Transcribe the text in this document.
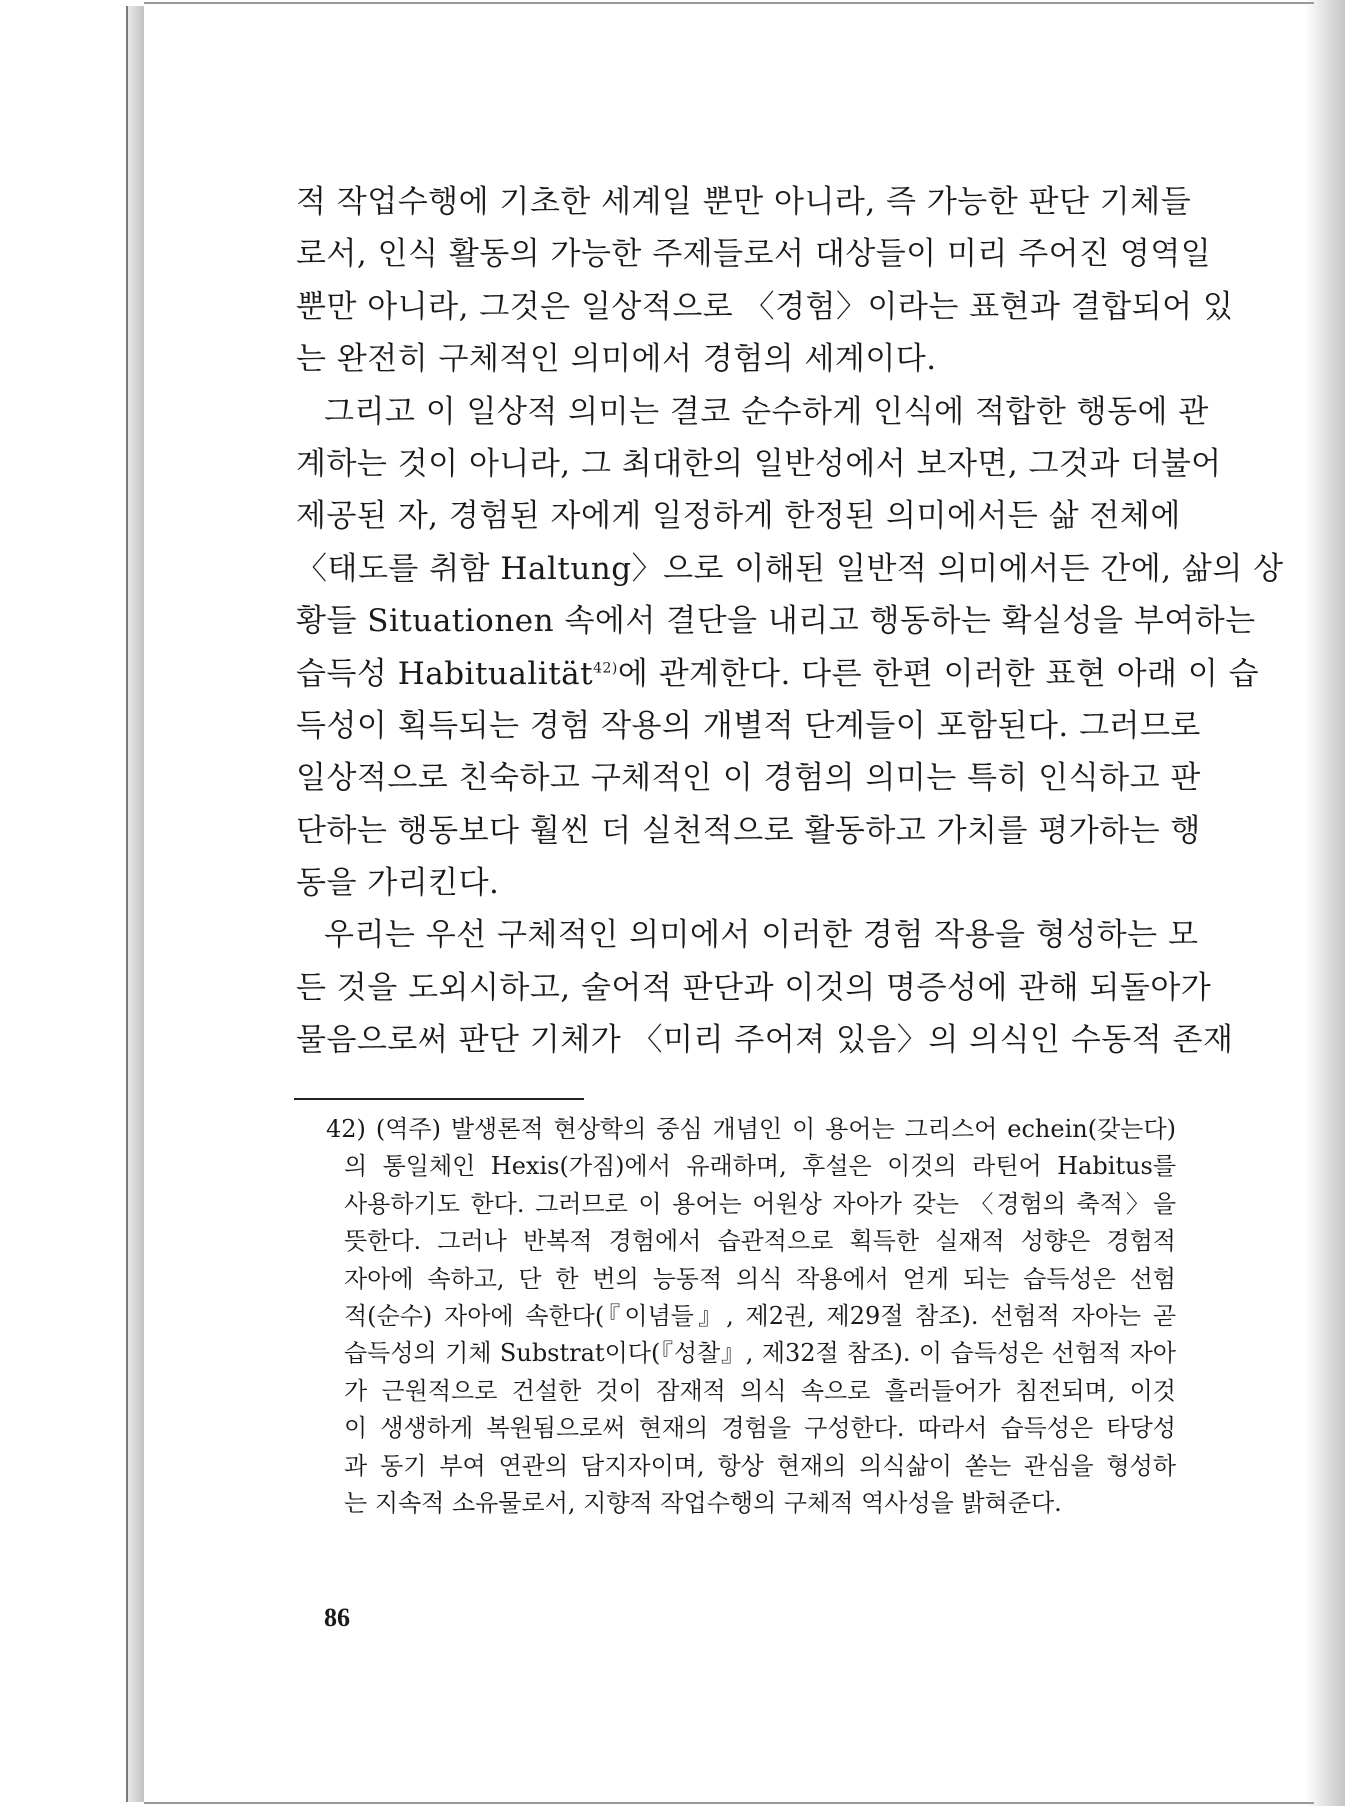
적 작업수행에 기초한 세계일 뿐만 아니라, 즉 가능한 판단 기체들
로서, 인식 활동의 가능한 주제들로서 대상들이 미리 주어진 영역일
뿐만 아니라, 그것은 일상적으로 〈경험〉이라는 표현과 결합되어 있
는 완전히 구체적인 의미에서 경험의 세계이다.
그리고 이 일상적 의미는 결코 순수하게 인식에 적합한 행동에 관
계하는 것이 아니라, 그 최대한의 일반성에서 보자면, 그것과 더불어
제공된 자, 경험된 자에게 일정하게 한정된 의미에서든 삶 전체에
〈태도를 취함 Haltung〉으로 이해된 일반적 의미에서든 간에, 삶의 상
황들 Situationen 속에서 결단을 내리고 행동하는 확실성을 부여하는
습득성 Habitualität$^{42)}$에 관계한다. 다른 한편 이러한 표현 아래 이 습
득성이 획득되는 경험 작용의 개별적 단계들이 포함된다. 그러므로
일상적으로 친숙하고 구체적인 이 경험의 의미는 특히 인식하고 판
단하는 행동보다 훨씬 더 실천적으로 활동하고 가치를 평가하는 행
동을 가리킨다.
우리는 우선 구체적인 의미에서 이러한 경험 작용을 형성하는 모
든 것을 도외시하고, 술어적 판단과 이것의 명증성에 관해 되돌아가
물음으로써 판단 기체가 〈미리 주어져 있음〉의 의식인 수동적 존재
42) (역주) 발생론적 현상학의 중심 개념인 이 용어는 그리스어 echein(갖는다)
의 통일체인 Hexis(가짐)에서 유래하며, 후설은 이것의 라틴어 Habitus를
사용하기도 한다. 그러므로 이 용어는 어원상 자아가 갖는 〈경험의 축적〉을
뜻한다. 그러나 반복적 경험에서 습관적으로 획득한 실재적 성향은 경험적
자아에 속하고, 단 한 번의 능동적 의식 작용에서 얻게 되는 습득성은 선험
적(순수) 자아에 속한다(『이념들』, 제2권, 제29절 참조). 선험적 자아는 곧
습득성의 기체 Substrat이다(『성찰』, 제32절 참조). 이 습득성은 선험적 자아
가 근원적으로 건설한 것이 잠재적 의식 속으로 흘러들어가 침전되며, 이것
이 생생하게 복원됨으로써 현재의 경험을 구성한다. 따라서 습득성은 타당성
과 동기 부여 연관의 담지자이며, 항상 현재의 의식삶이 쏟는 관심을 형성하
는 지속적 소유물로서, 지향적 작업수행의 구체적 역사성을 밝혀준다.
86
